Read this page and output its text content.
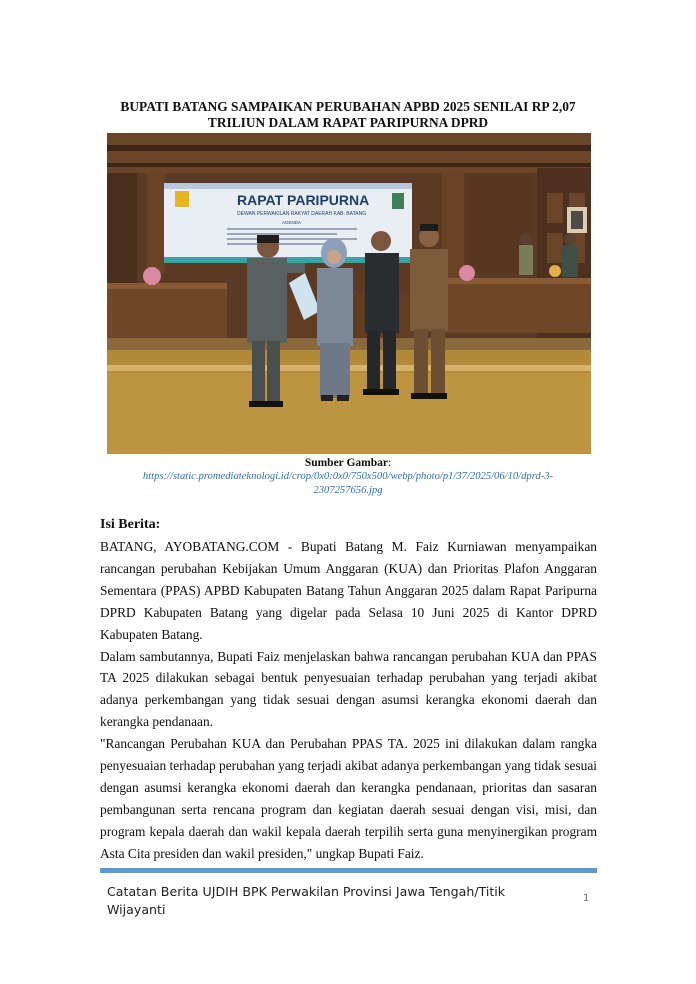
BUPATI BATANG SAMPAIKAN PERUBAHAN APBD 2025 SENILAI RP 2,07 TRILIUN DALAM RAPAT PARIPURNA DPRD
RAPAT PARIPURNA
DEWAN PERWAKILAN RAKYAT DAERAH KAB. BATANG
AGENDA
Sumber Gambar:
https://static.promediateknologi.id/crop/0x0:0x0/750x500/webp/photo/p1/37/2025/06/10/dprd-3-2307257656.jpg
Isi Berita:

BATANG, AYOBATANG.COM - Bupati Batang M. Faiz Kurniawan menyampaikan rancangan perubahan Kebijakan Umum Anggaran (KUA) dan Prioritas Plafon Anggaran Sementara (PPAS) APBD Kabupaten Batang Tahun Anggaran 2025 dalam Rapat Paripurna DPRD Kabupaten Batang yang digelar pada Selasa 10 Juni 2025 di Kantor DPRD Kabupaten Batang.

Dalam sambutannya, Bupati Faiz menjelaskan bahwa rancangan perubahan KUA dan PPAS TA 2025 dilakukan sebagai bentuk penyesuaian terhadap perubahan yang terjadi akibat adanya perkembangan yang tidak sesuai dengan asumsi kerangka ekonomi daerah dan kerangka pendanaan.

"Rancangan Perubahan KUA dan Perubahan PPAS TA. 2025 ini dilakukan dalam rangka penyesuaian terhadap perubahan yang terjadi akibat adanya perkembangan yang tidak sesuai dengan asumsi kerangka ekonomi daerah dan kerangka pendanaan, prioritas dan sasaran pembangunan serta rencana program dan kegiatan daerah sesuai dengan visi, misi, dan program kepala daerah dan wakil kepala daerah terpilih serta guna menyinergikan program Asta Cita presiden dan wakil presiden," ungkap Bupati Faiz.

Catatan Berita UJDIH BPK Perwakilan Provinsi Jawa Tengah/Titik Wijayanti
1
